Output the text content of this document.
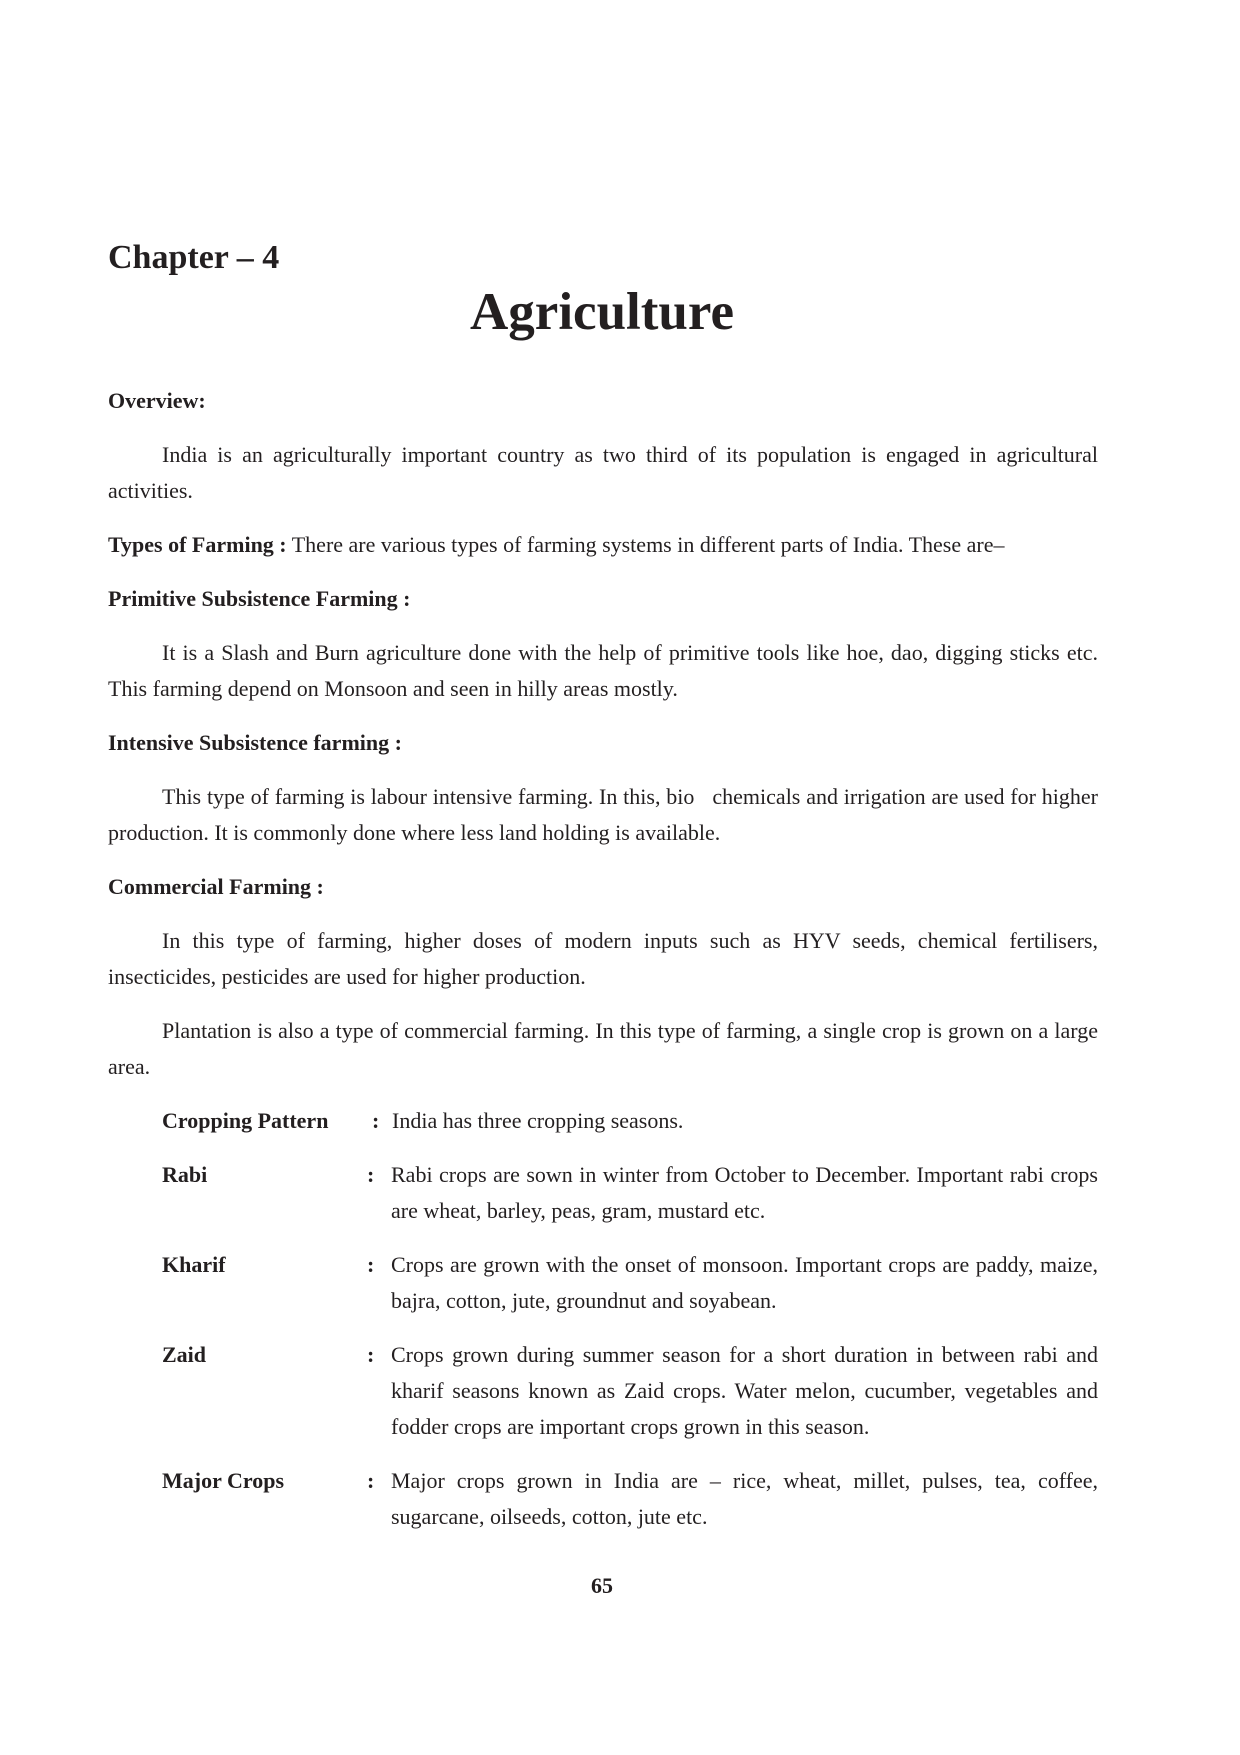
Chapter – 4
Agriculture
Overview:

India is an agriculturally important country as two third of its population is engaged in agricultural activities.

Types of Farming : There are various types of farming systems in different parts of India. These are–

Primitive Subsistence Farming :

It is a Slash and Burn agriculture done with the help of primitive tools like hoe, dao, digging sticks etc. This farming depend on Monsoon and seen in hilly areas mostly.

Intensive Subsistence farming :

This type of farming is labour intensive farming. In this, bio chemicals and irrigation are used for higher production. It is commonly done where less land holding is available.

Commercial Farming :

In this type of farming, higher doses of modern inputs such as HYV seeds, chemical fertilisers, insecticides, pesticides are used for higher production.

Plantation is also a type of commercial farming. In this type of farming, a single crop is grown on a large area.

Cropping Pattern	: India has three cropping seasons.
Rabi	: Rabi crops are sown in winter from October to December. Important rabi crops are wheat, barley, peas, gram, mustard etc.
Kharif	: Crops are grown with the onset of monsoon. Important crops are paddy, maize, bajra, cotton, jute, groundnut and soyabean.
Zaid	: Crops grown during summer season for a short duration in between rabi and kharif seasons known as Zaid crops. Water melon, cucumber, vegetables and fodder crops are important crops grown in this season.
Major Crops	: Major crops grown in India are – rice, wheat, millet, pulses, tea, coffee, sugarcane, oilseeds, cotton, jute etc.
65
